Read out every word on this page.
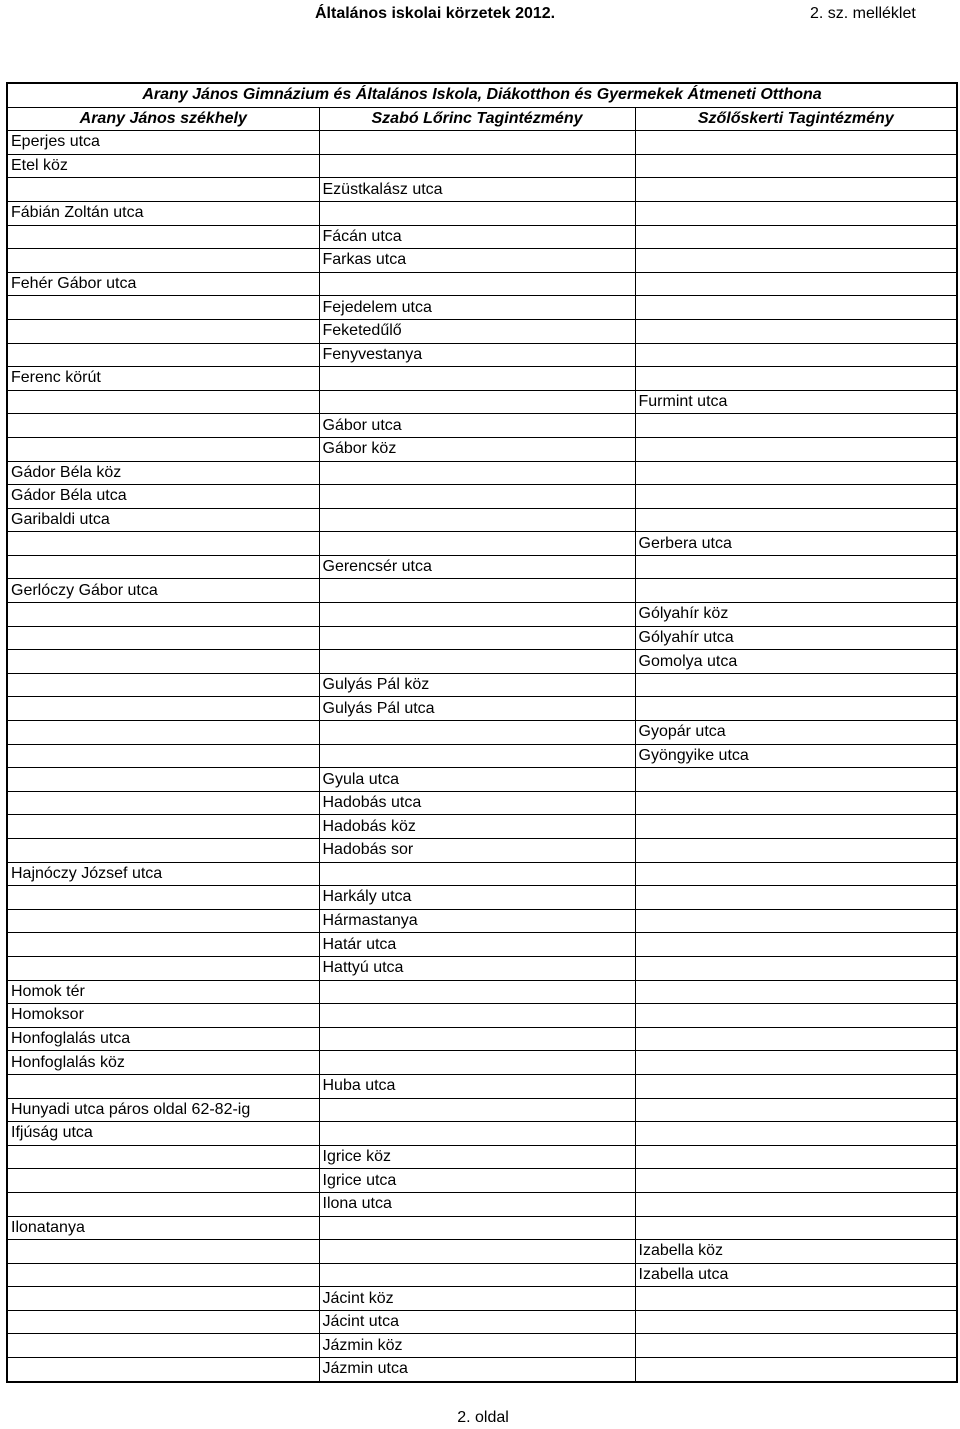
Általános iskolai körzetek 2012.	2. sz. melléklet
Arany János Gimnázium és Általános Iskola, Diákotthon és Gyermekek Átmeneti Otthona		
Arany János székhely	Szabó Lőrinc Tagintézmény	Szőlőskerti Tagintézmény
Eperjes utca		
Etel köz		
	Ezüstkalász utca	
Fábián Zoltán utca		
	Fácán utca	
	Farkas utca	
Fehér Gábor utca		
	Fejedelem utca	
	Feketedűlő	
	Fenyvestanya	
Ferenc körút		
		Furmint utca
	Gábor utca	
	Gábor köz	
Gádor Béla köz		
Gádor Béla utca		
Garibaldi utca		
		Gerbera utca
	Gerencsér utca	
Gerlóczy Gábor utca		
		Gólyahír köz
		Gólyahír utca
		Gomolya utca
	Gulyás Pál köz	
	Gulyás Pál utca	
		Gyopár utca
		Gyöngyike utca
	Gyula utca	
	Hadobás utca	
	Hadobás köz	
	Hadobás sor	
Hajnóczy József utca		
	Harkály utca	
	Hármastanya	
	Határ utca	
	Hattyú utca	
Homok tér		
Homoksor		
Honfoglalás utca		
Honfoglalás köz		
	Huba utca	
Hunyadi utca páros oldal 62-82-ig		
Ifjúság utca		
	Igrice köz	
	Igrice utca	
	Ilona utca	
Ilonatanya		
		Izabella köz
		Izabella utca
	Jácint köz	
	Jácint utca	
	Jázmin köz	
	Jázmin utca	
2. oldal
